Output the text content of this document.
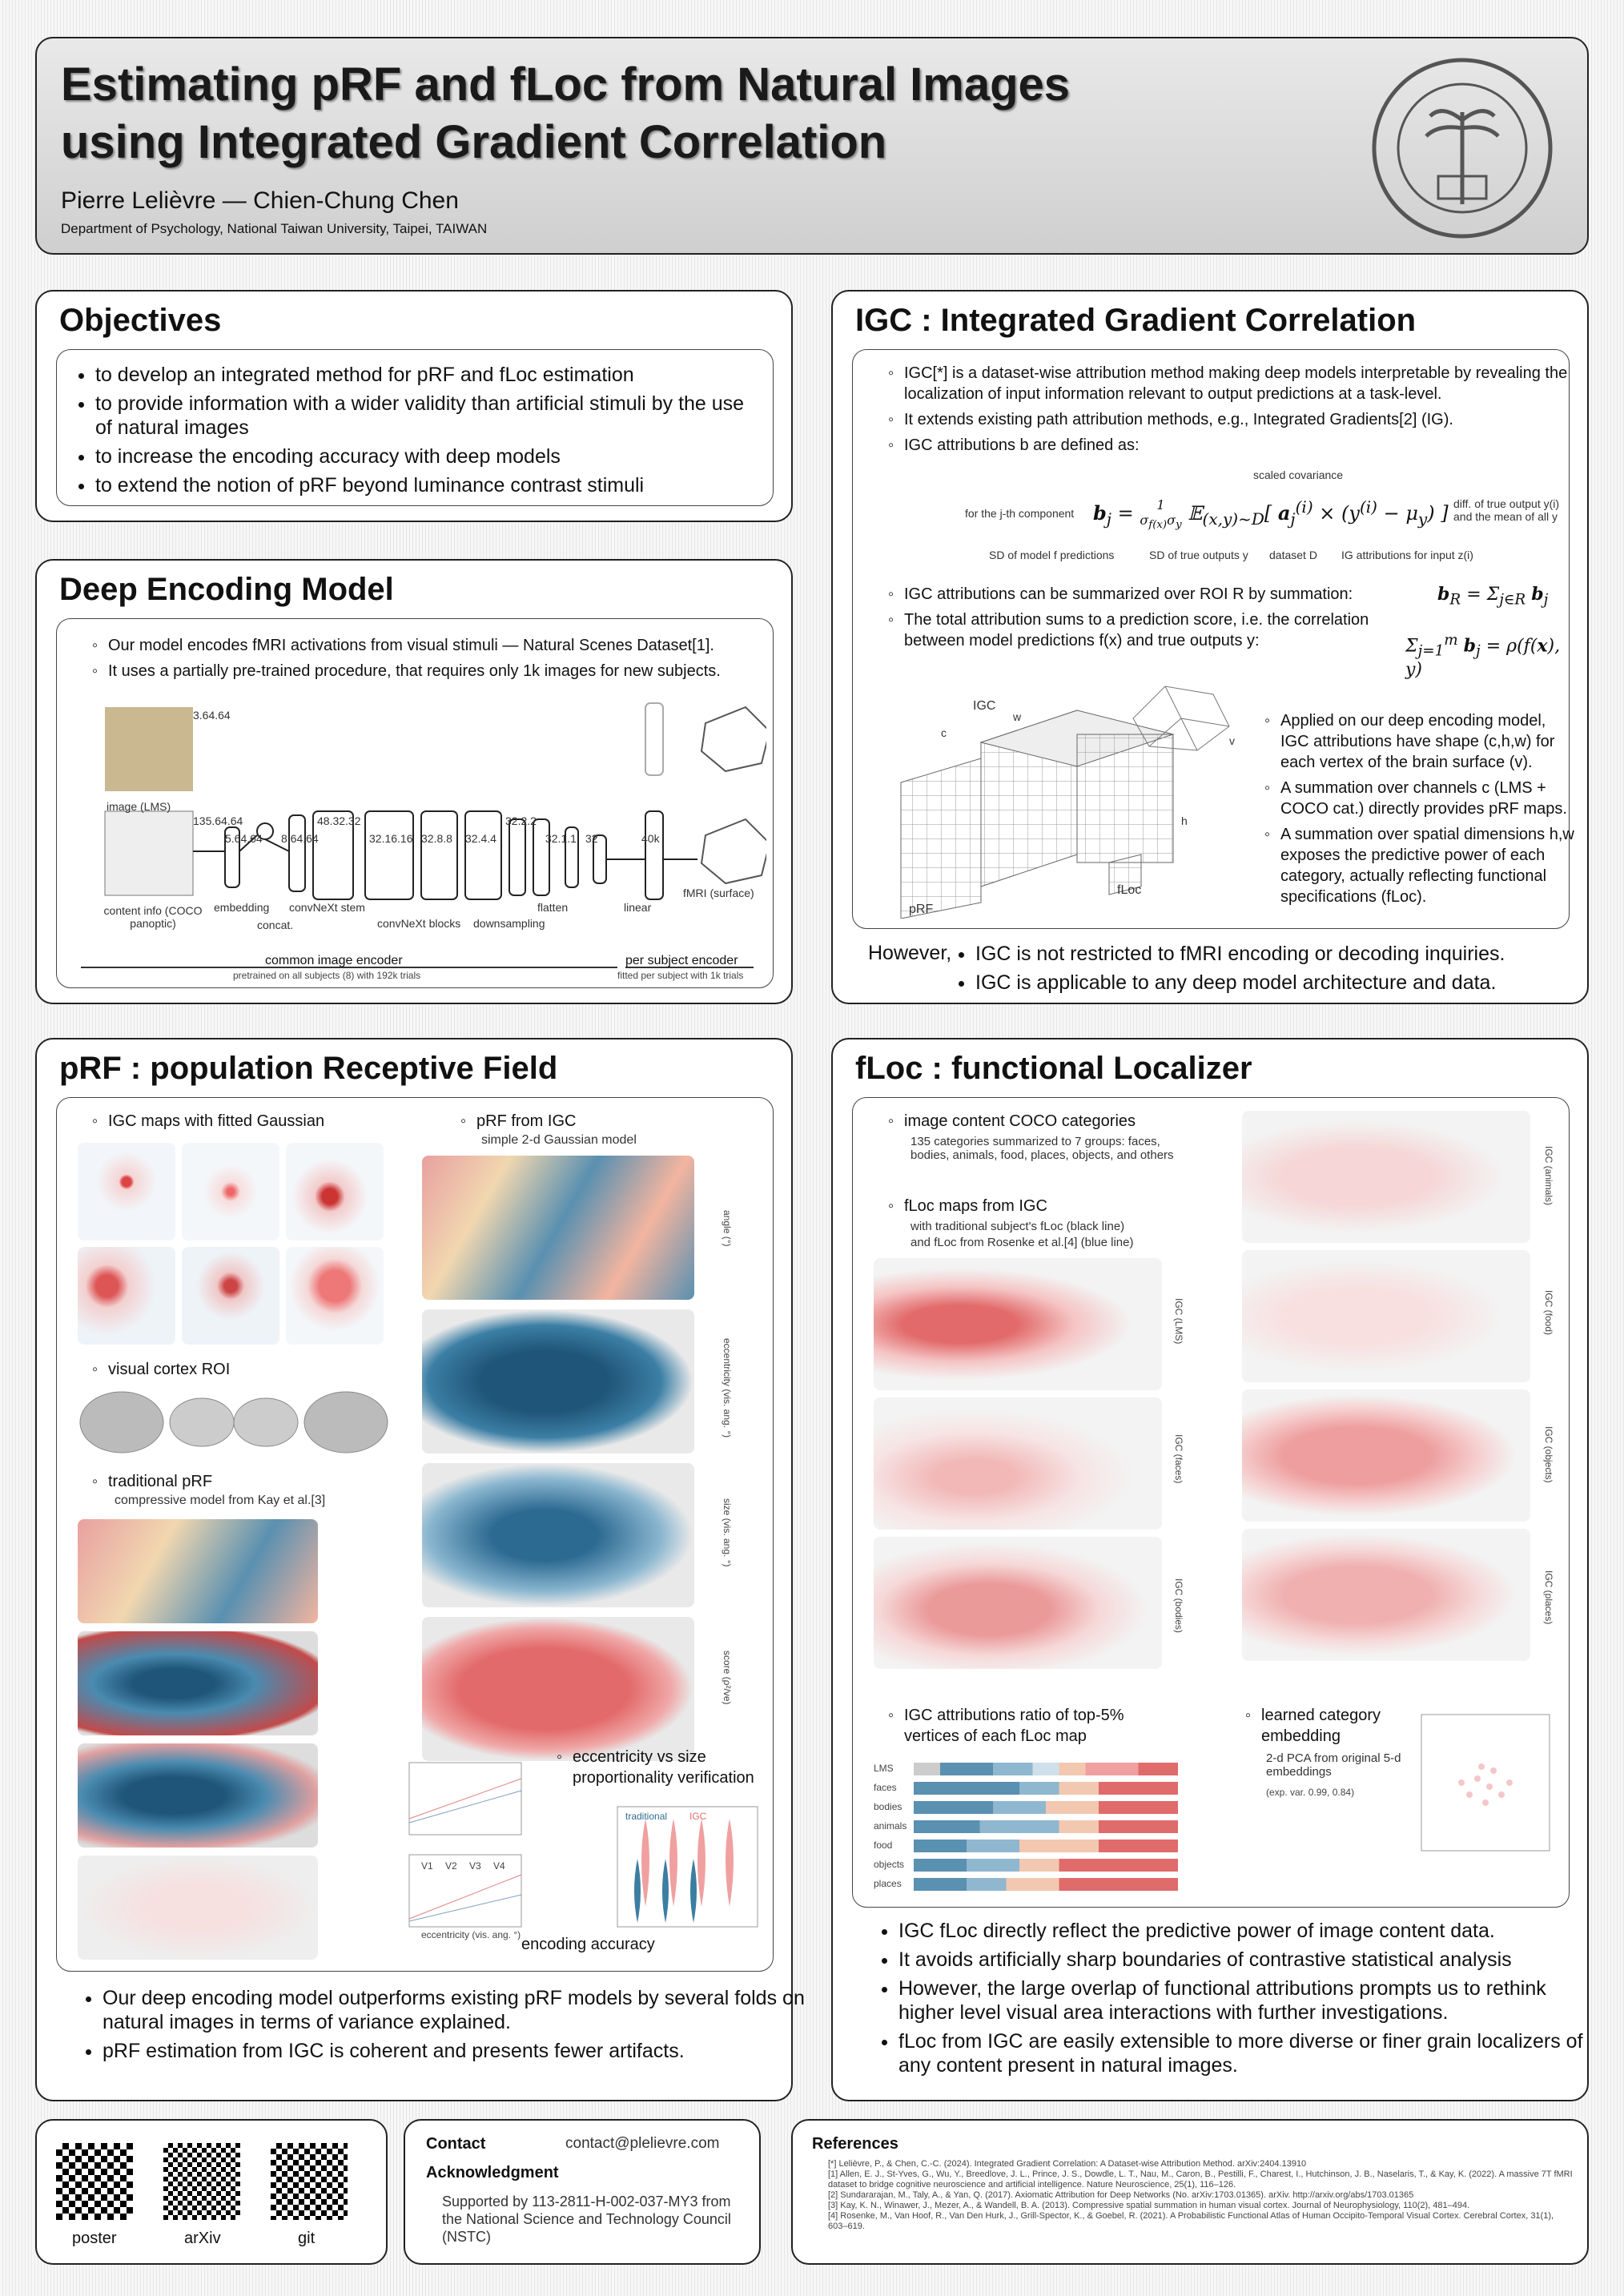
Estimating pRF and fLoc from Natural Images
using Integrated Gradient Correlation
Pierre Lelièvre — Chien-Chung Chen
Department of Psychology, National Taiwan University, Taipei, TAIWAN
Objectives
• to develop an integrated method for pRF and fLoc estimation
• to provide information with a wider validity than artificial stimuli by the use of natural images
• to increase the encoding accuracy with deep models
• to extend the notion of pRF beyond luminance contrast stimuli
Deep Encoding Model
◦ Our model encodes fMRI activations from visual stimuli — Natural Scenes Dataset[1].
◦ It uses a partially pre-trained procedure, that requires only 1k images for new subjects.
image (LMS)
content info (COCO panoptic)
embedding
concat.
convNeXt stem
convNeXt blocks downsampling
flatten	linear
fMRI (surface)
3.64.64
135.64.64
5.64.64 8.64.64
48.32.32
32.16.16 32.8.8 32.4.4
32.2.2
32.1.1 32	40k
common image encoder
pretrained on all subjects (8) with 192k trials
per subject encoder
fitted per subject with 1k trials
IGC : Integrated Gradient Correlation
◦ IGC[*] is a dataset-wise attribution method making deep models interpretable by revealing the localization of input information relevant to output predictions at a task-level.
◦ It extends existing path attribution methods, e.g., Integrated Gradients[2] (IG).
◦ IGC attributions b are defined as:
$b_j = 1$
$\sigma_{f(x)}\sigma_y$ 𝔼$_{(x,y)\sim D}$[ $a_j^{(i)} \times (y^{(i)} - \mu_y)$ ]
scaled covariance
for the j-th component
diff. of true output y(i) and the mean of all y
SD of model f predictions	SD of true outputs y dataset D IG attributions for input z(i)
◦ IGC attributions can be summarized over ROI R by summation:
◦ The total attribution sums to a prediction score, i.e. the correlation between model predictions f(x) and true outputs y:
$b_R = \Sigma_{j\in R}$ $b_j$
$\Sigma_{j=1}^m$ $b_j = \rho(f(x)$, y)
IGC
c
w
h
v
pRF
fLoc
◦ Applied on our deep encoding model, IGC attributions have shape (c,h,w) for each vertex of the brain surface (v).
◦ A summation over channels c (LMS + COCO cat.) directly provides pRF maps.
◦ A summation over spatial dimensions h,w exposes the predictive power of each category, actually reflecting functional specifications (fLoc).
However,
• IGC is not restricted to fMRI encoding or decoding inquiries.
• IGC is applicable to any deep model architecture and data.
pRF : population Receptive Field
◦ IGC maps with fitted Gaussian
◦ visual cortex ROI
◦ traditional pRF
compressive model from Kay et al.[3]
◦ pRF from IGC
simple 2-d Gaussian model
angle (°)
eccentricity (vis. ang. °)
size (vis. ang. °)
score (ρ²/ve)
V1 V2 V3 V4
eccentricity (vis. ang. °)
◦ eccentricity vs size proportionality verification
traditional IGC
encoding accuracy
• Our deep encoding model outperforms existing pRF models by several folds on natural images in terms of variance explained.
• pRF estimation from IGC is coherent and presents fewer artifacts.
fLoc : functional Localizer
◦ image content COCO categories
135 categories summarized to 7 groups: faces, bodies, animals, food, places, objects, and others
◦ fLoc maps from IGC
with traditional subject's fLoc (black line)
and fLoc from Rosenke et al.[4] (blue line)
IGC (LMS)
IGC (faces)
IGC (bodies)
IGC (animals)
IGC (food)
IGC (objects)
IGC (places)
◦ IGC attributions ratio of top-5% vertices of each fLoc map
LMS
faces
bodies
animals
food
objects
places
◦ learned category embedding
2-d PCA from original 5-d embeddings
(exp. var. 0.99, 0.84)
• IGC fLoc directly reflect the predictive power of image content data.
• It avoids artificially sharp boundaries of contrastive statistical analysis
• However, the large overlap of functional attributions prompts us to rethink higher level visual area interactions with further investigations.
• fLoc from IGC are easily extensible to more diverse or finer grain localizers of any content present in natural images.
poster	arXiv	git
Contact	contact@plelievre.com
Acknowledgment
Supported by 113-2811-H-002-037-MY3 from the National Science and Technology Council (NSTC)
References
[*] Lelièvre, P., & Chen, C.-C. (2024). Integrated Gradient Correlation: A Dataset-wise Attribution Method. arXiv:2404.13910
[1] Allen, E. J., St-Yves, G., Wu, Y., Breedlove, J. L., Prince, J. S., Dowdle, L. T., Nau, M., Caron, B., Pestilli, F., Charest, I., Hutchinson, J. B., Naselaris, T., & Kay, K. (2022). A massive 7T fMRI dataset to bridge cognitive neuroscience and artificial intelligence. Nature Neuroscience, 25(1), 116–126.
[2] Sundararajan, M., Taly, A., & Yan, Q. (2017). Axiomatic Attribution for Deep Networks (No. arXiv:1703.01365). arXiv. http://arxiv.org/abs/1703.01365
[3] Kay, K. N., Winawer, J., Mezer, A., & Wandell, B. A. (2013). Compressive spatial summation in human visual cortex. Journal of Neurophysiology, 110(2), 481–494.
[4] Rosenke, M., Van Hoof, R., Van Den Hurk, J., Grill-Spector, K., & Goebel, R. (2021). A Probabilistic Functional Atlas of Human Occipito-Temporal Visual Cortex. Cerebral Cortex, 31(1), 603–619.
